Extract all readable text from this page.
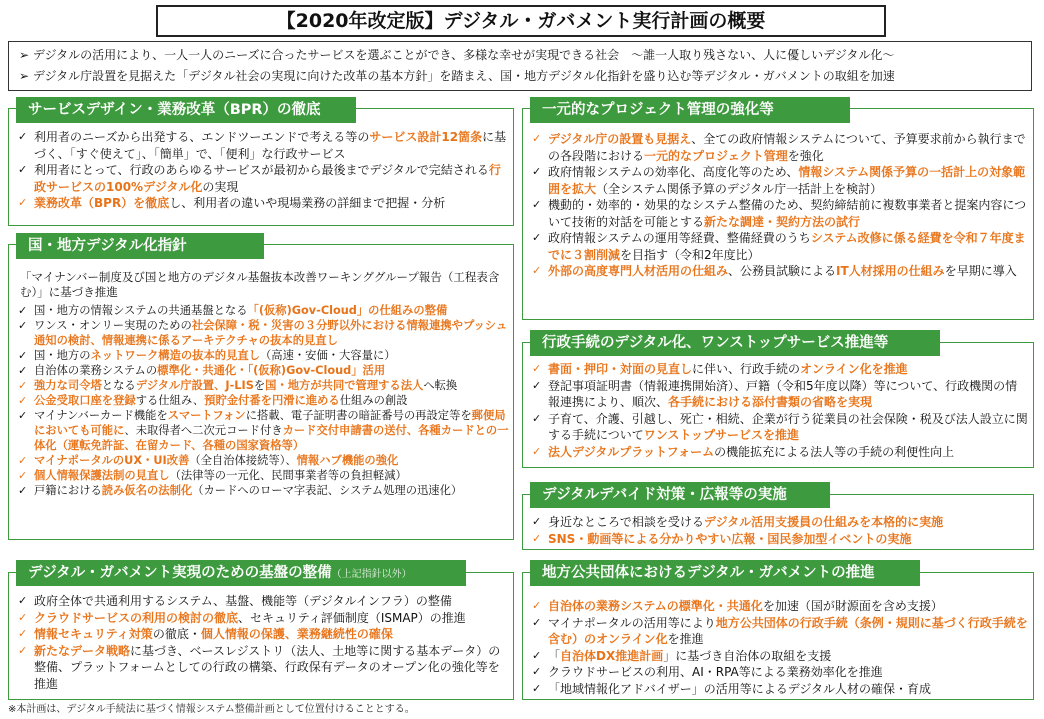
【2020年改定版】デジタル・ガバメント実行計画の概要
➢ デジタルの活用により、一人一人のニーズに合ったサービスを選ぶことができ、多様な幸せが実現できる社会　～誰一人取り残さない、人に優しいデジタル化～
➢ デジタル庁設置を見据えた「デジタル社会の実現に向けた改革の基本方針」を踏まえ、国・地方デジタル化指針を盛り込む等デジタル・ガバメントの取組を加速
サービスデザイン・業務改革（BPR）の徹底
✓ 利用者のニーズから出発する、エンドツーエンドで考える等のサービス設計12箇条に基づく、「すぐ使えて」、「簡単」で、「便利」な行政サービス
✓ 利用者にとって、行政のあらゆるサービスが最初から最後までデジタルで完結される行政サービスの100%デジタル化の実現
✓ 業務改革（BPR）を徹底し、利用者の違いや現場業務の詳細まで把握・分析
国・地方デジタル化指針
「マイナンバー制度及び国と地方のデジタル基盤抜本改善ワーキンググループ報告（工程表含む）」に基づき推進
✓ 国・地方の情報システムの共通基盤となる「(仮称)Gov-Cloud」の仕組みの整備
✓ ワンス・オンリー実現のための社会保障・税・災害の３分野以外における情報連携やプッシュ通知の検討、情報連携に係るアーキテクチャの抜本的見直し
✓ 国・地方のネットワーク構造の抜本的見直し（高速・安価・大容量に）
✓ 自治体の業務システムの標準化・共通化・「(仮称)Gov-Cloud」活用
✓ 強力な司令塔となるデジタル庁設置、J-LISを国・地方が共同で管理する法人へ転換
✓ 公金受取口座を登録する仕組み、預貯金付番を円滑に進める仕組みの創設
✓ マイナンバーカード機能をスマートフォンに搭載、電子証明書の暗証番号の再設定等を郵便局においても可能に、未取得者へ二次元コード付きカード交付申請書の送付、各種カードとの一体化（運転免許証、在留カード、各種の国家資格等）
✓ マイナポータルのUX・UI改善（全自治体接続等）、情報ハブ機能の強化
✓ 個人情報保護法制の見直し（法律等の一元化、民間事業者等の負担軽減）
✓ 戸籍における読み仮名の法制化（カードへのローマ字表記、システム処理の迅速化）
デジタル・ガバメント実現のための基盤の整備（上記指針以外）
✓ 政府全体で共通利用するシステム、基盤、機能等（デジタルインフラ）の整備
✓ クラウドサービスの利用の検討の徹底、セキュリティ評価制度（ISMAP）の推進
✓ 情報セキュリティ対策の徹底・個人情報の保護、業務継続性の確保
✓ 新たなデータ戦略に基づき、ベースレジストリ（法人、土地等に関する基本データ）の整備、プラットフォームとしての行政の構築、行政保有データのオープン化の強化等を推進
一元的なプロジェクト管理の強化等
✓ デジタル庁の設置も見据え、全ての政府情報システムについて、予算要求前から執行までの各段階における一元的なプロジェクト管理を強化
✓ 政府情報システムの効率化、高度化等のため、情報システム関係予算の一括計上の対象範囲を拡大（全システム関係予算のデジタル庁一括計上を検討）
✓ 機動的・効率的・効果的なシステム整備のため、契約締結前に複数事業者と提案内容について技術的対話を可能とする新たな調達・契約方法の試行
✓ 政府情報システムの運用等経費、整備経費のうちシステム改修に係る経費を令和７年度までに３割削減を目指す（令和2年度比）
✓ 外部の高度専門人材活用の仕組み、公務員試験によるIT人材採用の仕組みを早期に導入
行政手続のデジタル化、ワンストップサービス推進等
✓ 書面・押印・対面の見直しに伴い、行政手続のオンライン化を推進
✓ 登記事項証明書（情報連携開始済）、戸籍（令和5年度以降）等について、行政機関の情報連携により、順次、各手続における添付書類の省略を実現
✓ 子育て、介護、引越し、死亡・相続、企業が行う従業員の社会保険・税及び法人設立に関する手続についてワンストップサービスを推進
✓ 法人デジタルプラットフォームの機能拡充による法人等の手続の利便性向上
デジタルデバイド対策・広報等の実施
✓ 身近なところで相談を受けるデジタル活用支援員の仕組みを本格的に実施
✓ SNS・動画等による分かりやすい広報・国民参加型イベントの実施
地方公共団体におけるデジタル・ガバメントの推進
✓ 自治体の業務システムの標準化・共通化を加速（国が財源面を含め支援）
✓ マイナポータルの活用等により地方公共団体の行政手続（条例・規則に基づく行政手続を含む）のオンライン化を推進
✓ 「自治体DX推進計画」に基づき自治体の取組を支援
✓ クラウドサービスの利用、AI・RPA等による業務効率化を推進
✓ 「地域情報化アドバイザー」の活用等によるデジタル人材の確保・育成
※本計画は、デジタル手続法に基づく情報システム整備計画として位置付けることとする。
